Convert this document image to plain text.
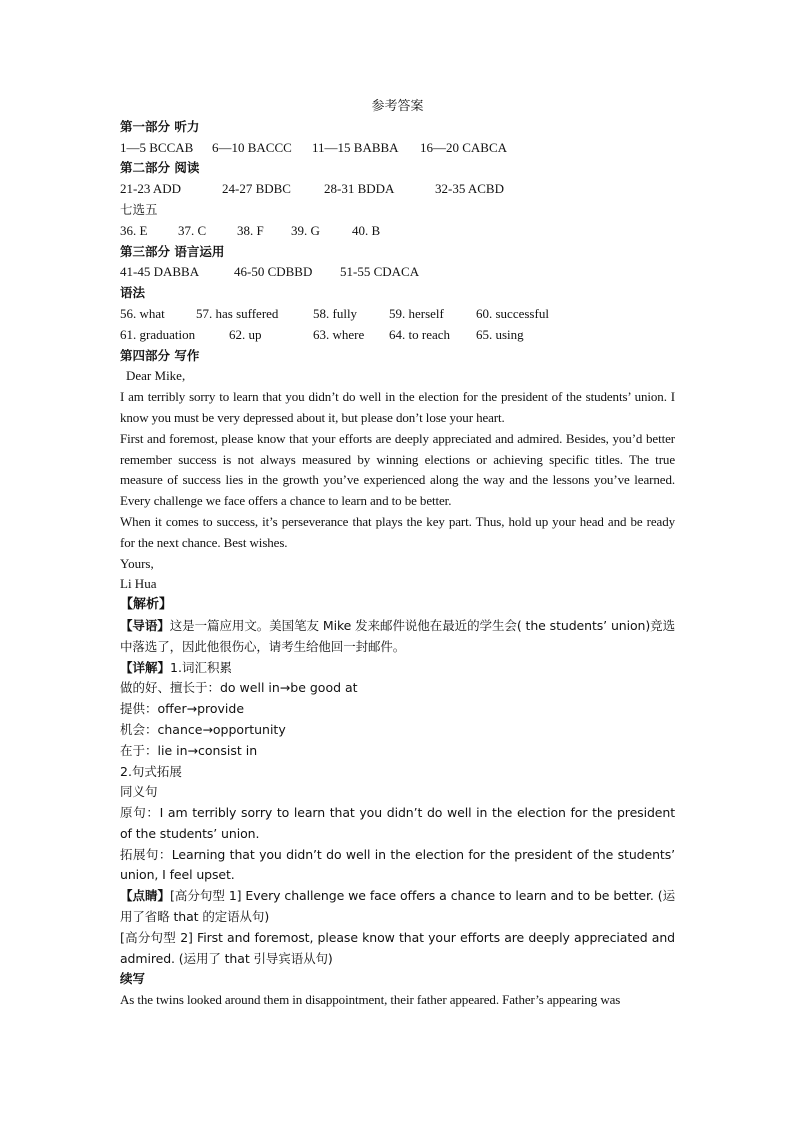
参考答案
第一部分 听力
1—5 BCCAB	6—10 BACCC	11—15 BABBA	16—20 CABCA
第二部分 阅读
21-23 ADD	24-27 BDBC	28-31 BDDA	32-35 ACBD
七选五
36. E	37. C	38. F	39. G	40. B
第三部分 语言运用
41-45 DABBA	46-50 CDBBD	51-55 CDACA
语法
56. what	57. has suffered	58. fully	59. herself	60. successful
61. graduation	62. up	63. where	64. to reach	65. using
第四部分 写作
Dear Mike,
I am terribly sorry to learn that you didn’t do well in the election for the president of the students’ union. I know you must be very depressed about it, but please don’t lose your heart.
First and foremost, please know that your efforts are deeply appreciated and admired. Besides, you’d better remember success is not always measured by winning elections or achieving specific titles. The true measure of success lies in the growth you’ve experienced along the way and the lessons you’ve learned. Every challenge we face offers a chance to learn and to be better.
When it comes to success, it’s perseverance that plays the key part. Thus, hold up your head and be ready for the next chance. Best wishes.
Yours,
Li Hua
【解析】
【导语】这是一篇应用文。美国笔友 Mike 发来邮件说他在最近的学生会( the students’ union)竞选中落选了，因此他很伤心，请考生给他回一封邮件。
【详解】1.词汇积累
做的好、擅长于：do well in→be good at
提供：offer→provide
机会：chance→opportunity
在于：lie in→consist in
2.句式拓展
同义句
原句：I am terribly sorry to learn that you didn’t do well in the election for the president of the students’ union.
拓展句：Learning that you didn’t do well in the election for the president of the students’ union, I feel upset.
【点睛】[高分句型 1] Every challenge we face offers a chance to learn and to be better. (运用了省略 that 的定语从句)
[高分句型 2] First and foremost, please know that your efforts are deeply appreciated and admired. (运用了 that 引导宾语从句)
续写
As the twins looked around them in disappointment, their father appeared. Father’s appearing was
